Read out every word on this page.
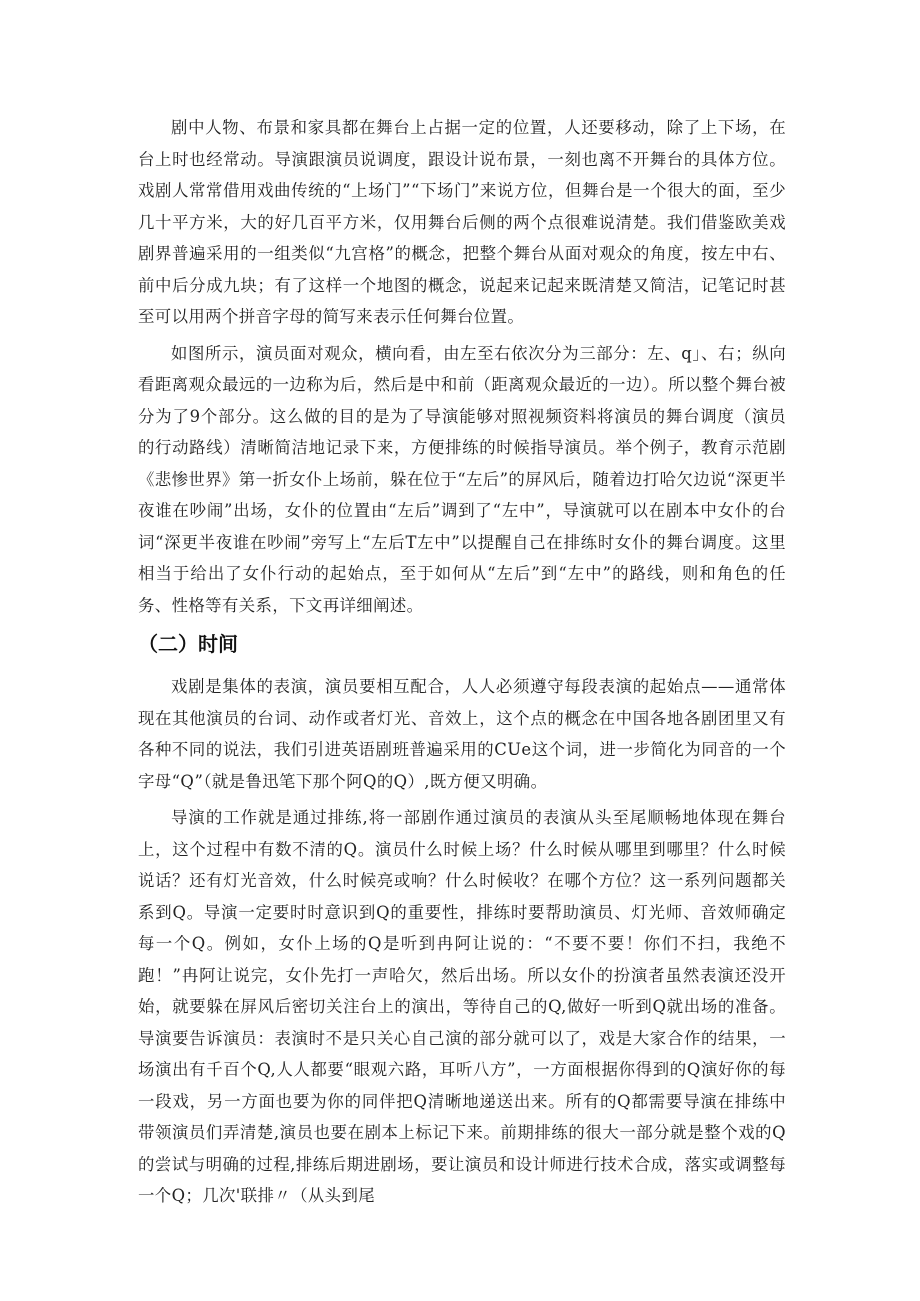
剧中人物、布景和家具都在舞台上占据一定的位置，人还要移动，除了上下场，在台上时也经常动。导演跟演员说调度，跟设计说布景，一刻也离不开舞台的具体方位。戏剧人常常借用戏曲传统的“上场门”“下场门”来说方位，但舞台是一个很大的面，至少几十平方米，大的好几百平方米，仅用舞台后侧的两个点很难说清楚。我们借鉴欧美戏剧界普遍采用的一组类似“九宫格”的概念，把整个舞台从面对观众的角度，按左中右、前中后分成九块；有了这样一个地图的概念，说起来记起来既清楚又简洁，记笔记时甚至可以用两个拼音字母的简写来表示任何舞台位置。

如图所示，演员面对观众，横向看，由左至右依次分为三部分：左、q」、右；纵向看距离观众最远的一边称为后，然后是中和前（距离观众最近的一边）。所以整个舞台被分为了9个部分。这么做的目的是为了导演能够对照视频资料将演员的舞台调度（演员的行动路线）清晰简洁地记录下来，方便排练的时候指导演员。举个例子，教育示范剧《悲惨世界》第一折女仆上场前，躲在位于“左后”的屏风后，随着边打哈欠边说“深更半夜谁在吵闹”出场，女仆的位置由“左后”调到了“左中”，导演就可以在剧本中女仆的台词“深更半夜谁在吵闹”旁写上“左后T左中”以提醒自己在排练时女仆的舞台调度。这里相当于给出了女仆行动的起始点，至于如何从“左后”到“左中”的路线，则和角色的任务、性格等有关系，下文再详细阐述。

（二）时间

戏剧是集体的表演，演员要相互配合，人人必须遵守每段表演的起始点——通常体现在其他演员的台词、动作或者灯光、音效上，这个点的概念在中国各地各剧团里又有各种不同的说法，我们引进英语剧班普遍采用的CUe这个词，进一步简化为同音的一个字母“Q”（就是鲁迅笔下那个阿Q的Q）,既方便又明确。

导演的工作就是通过排练,将一部剧作通过演员的表演从头至尾顺畅地体现在舞台上，这个过程中有数不清的Q。演员什么时候上场？什么时候从哪里到哪里？什么时候说话？还有灯光音效，什么时候亮或响？什么时候收？在哪个方位？这一系列问题都关系到Q。导演一定要时时意识到Q的重要性，排练时要帮助演员、灯光师、音效师确定每一个Q。例如，女仆上场的Q是听到冉阿让说的：“不要不要！你们不扫，我绝不跑！”冉阿让说完，女仆先打一声哈欠，然后出场。所以女仆的扮演者虽然表演还没开始，就要躲在屏风后密切关注台上的演出，等待自己的Q,做好一听到Q就出场的准备。导演要告诉演员：表演时不是只关心自己演的部分就可以了，戏是大家合作的结果，一场演出有千百个Q,人人都要“眼观六路，耳听八方”，一方面根据你得到的Q演好你的每一段戏，另一方面也要为你的同伴把Q清晰地递送出来。所有的Q都需要导演在排练中带领演员们弄清楚,演员也要在剧本上标记下来。前期排练的很大一部分就是整个戏的Q的尝试与明确的过程,排练后期进剧场，要让演员和设计师进行技术合成，落实或调整每一个Q；几次'联排〃（从头到尾
